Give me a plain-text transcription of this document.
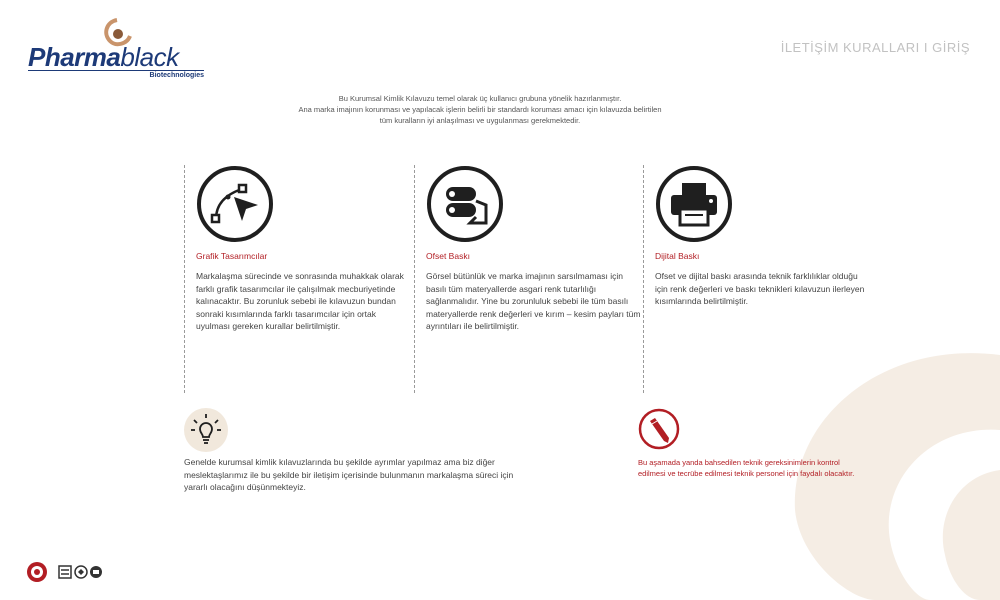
Pharmablack
Biotechnologies
İLETİŞİM KURALLARI I GİRİŞ
Bu Kurumsal Kimlik Kılavuzu temel olarak üç kullanıcı grubuna yönelik hazırlanmıştır.
Ana marka imajının korunması ve yapılacak işlerin belirli bir standardı koruması amacı için kılavuzda belirtilen
tüm kuralların iyi anlaşılması ve uygulanması gerekmektedir.
Grafik Tasarımcılar
Markalaşma sürecinde ve sonrasında muhakkak olarak farklı grafik tasarımcılar ile çalışılmak mecburiyetinde kalınacaktır. Bu zorunluk sebebi ile kılavuzun bundan sonraki kısımlarında farklı tasarımcılar için ortak uyulması gereken kurallar belirtilmiştir.
Ofset Baskı
Görsel bütünlük ve marka imajının sarsılmaması için basılı tüm materyallerde asgari renk tutarlılığı sağlanmalıdır. Yine bu zorunluluk sebebi ile tüm basılı materyallerde renk değerleri ve kırım – kesim payları tüm ayrıntıları ile belirtilmiştir.
Dijital Baskı
Ofset ve dijital baskı arasında teknik farklılıklar olduğu için renk değerleri ve baskı teknikleri kılavuzun ilerleyen kısımlarında belirtilmiştir.
Genelde kurumsal kimlik kılavuzlarında bu şekilde ayrımlar yapılmaz ama biz diğer meslektaşlarımız ile bu şekilde bir iletişim içerisinde bulunmanın markalaşma süreci için yararlı olacağını düşünmekteyiz.
Bu aşamada yanda bahsedilen teknik gereksinimlerin kontrol edilmesi ve tecrübe edilmesi teknik personel için faydalı olacaktır.
